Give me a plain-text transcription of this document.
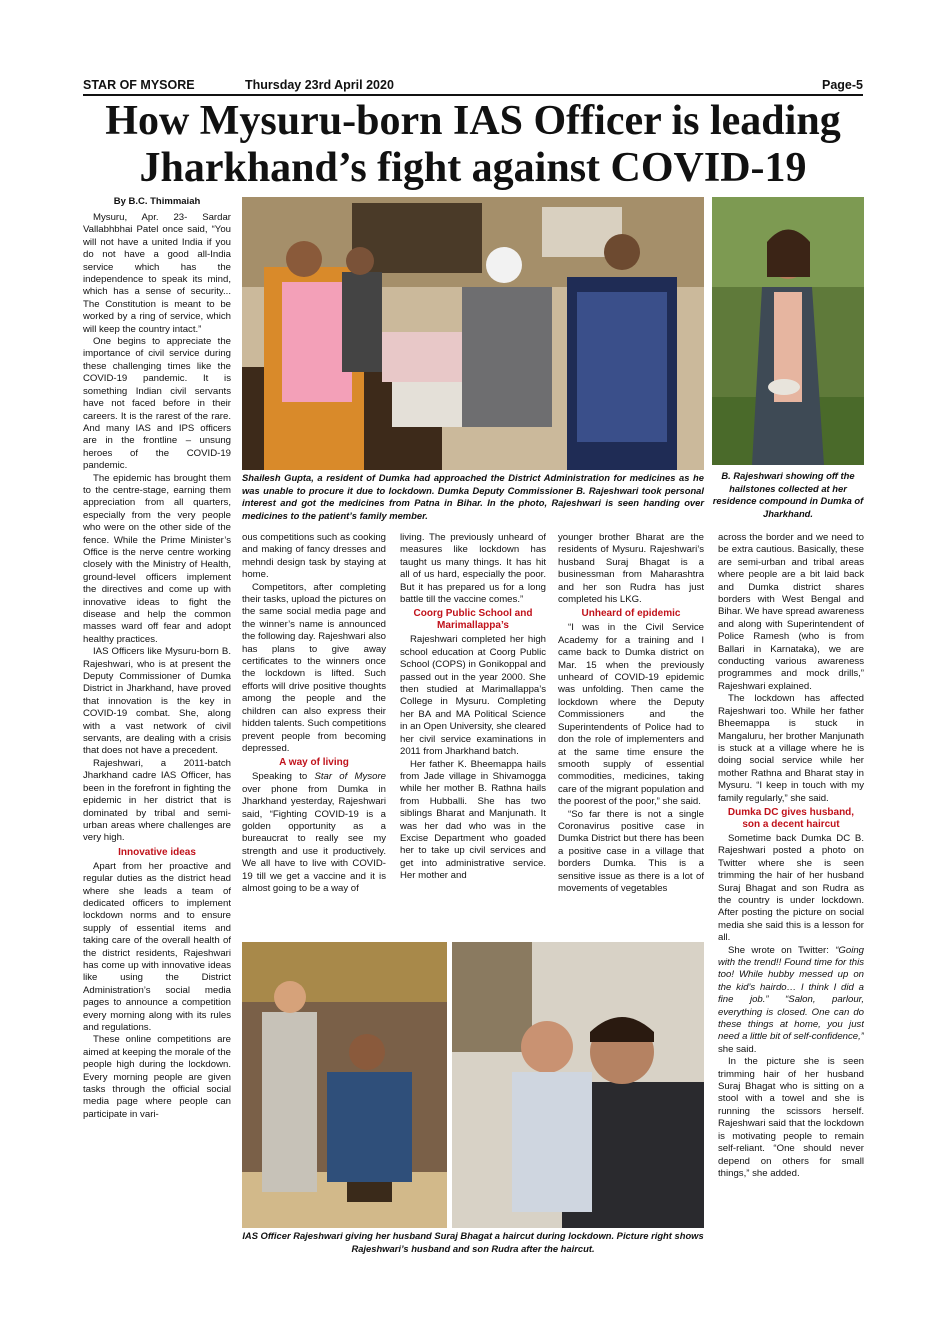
STAR OF MYSORE	Thursday 23rd April 2020	Page-5
How Mysuru-born IAS Officer is leading
Jharkhand’s fight against COVID-19
By B.C. Thimmaiah

Mysuru, Apr. 23- Sardar Vallabhbhai Patel once said, “You will not have a united India if you do not have a good all-India service which has the independence to speak its mind, which has a sense of security... The Constitution is meant to be worked by a ring of service, which will keep the country intact.”

One begins to appreciate the importance of civil service during these challenging times like the COVID-19 pandemic. It is something Indian civil servants have not faced before in their careers. It is the rarest of the rare. And many IAS and IPS officers are in the frontline – unsung heroes of the COVID-19 pandemic.

The epidemic has brought them to the centre-stage, earning them appreciation from all quarters, especially from the very people who were on the other side of the fence. While the Prime Minister’s Office is the nerve centre working closely with the Ministry of Health, ground-level officers implement the directives and come up with innovative ideas to fight the disease and help the common masses ward off fear and adopt healthy practices.

IAS Officers like Mysuru-born B. Rajeshwari, who is at present the Deputy Commissioner of Dumka District in Jharkhand, have proved that innovation is the key in COVID-19 combat. She, along with a vast network of civil servants, are dealing with a crisis that does not have a precedent.

Rajeshwari, a 2011-batch Jharkhand cadre IAS Officer, has been in the forefront in fighting the epidemic in her district that is dominated by tribal and semi-urban areas where challenges are very high.

Innovative ideas

Apart from her proactive and regular duties as the district head where she leads a team of dedicated officers to implement lockdown norms and to ensure supply of essential items and taking care of the overall health of the district residents, Rajeshwari has come up with innovative ideas like using the District Administration’s social media pages to announce a competition every morning along with its rules and regulations.

These online competitions are aimed at keeping the morale of the people high during the lockdown. Every morning people are given tasks through the official social media page where people can participate in vari-

Shailesh Gupta, a resident of Dumka had approached the District Administration for medicines as he was unable to procure it due to lockdown. Dumka Deputy Commissioner B. Rajeshwari took personal interest and got the medicines from Patna in Bihar. In the photo, Rajeshwari is seen handing over medicines to the patient’s family member.
B. Rajeshwari showing off the hailstones collected at her residence compound in Dumka of Jharkhand.

ous competitions such as cooking and making of fancy dresses and mehndi design task by staying at home.

Competitors, after completing their tasks, upload the pictures on the same social media page and the winner’s name is announced the following day. Rajeshwari also has plans to give away certificates to the winners once the lockdown is lifted. Such efforts will drive positive thoughts among the people and the children can also express their hidden talents. Such competitions prevent people from becoming depressed.

A way of living

Speaking to Star of Mysore over phone from Dumka in Jharkhand yesterday, Rajeshwari said, “Fighting COVID-19 is a golden opportunity as a bureaucrat to really see my strength and use it productively. We all have to live with COVID-19 till we get a vaccine and it is almost going to be a way of

living. The previously unheard of measures like lockdown has taught us many things. It has hit all of us hard, especially the poor. But it has prepared us for a long battle till the vaccine comes.”

Coorg Public School and Marimallappa’s

Rajeshwari completed her high school education at Coorg Public School (COPS) in Gonikoppal and passed out in the year 2000. She then studied at Marimallappa’s College in Mysuru. Completing her BA and MA Political Science in an Open University, she cleared her civil service examinations in 2011 from Jharkhand batch.

Her father K. Bheemappa hails from Jade village in Shivamogga while her mother B. Rathna hails from Hubballi. She has two siblings Bharat and Manjunath. It was her dad who was in the Excise Department who goaded her to take up civil services and get into administrative service. Her mother and

younger brother Bharat are the residents of Mysuru. Rajeshwari’s husband Suraj Bhagat is a businessman from Maharashtra and her son Rudra has just completed his LKG.

Unheard of epidemic

“I was in the Civil Service Academy for a training and I came back to Dumka district on Mar. 15 when the previously unheard of COVID-19 epidemic was unfolding. Then came the lockdown where the Deputy Commissioners and the Superintendents of Police had to don the role of implementers and at the same time ensure the smooth supply of essential commodities, medicines, taking care of the migrant population and the poorest of the poor,” she said.

“So far there is not a single Coronavirus positive case in Dumka District but there has been a positive case in a village that borders Dumka. This is a sensitive issue as there is a lot of movements of vegetables

across the border and we need to be extra cautious. Basically, these are semi-urban and tribal areas where people are a bit laid back and Dumka district shares borders with West Bengal and Bihar. We have spread awareness and along with Superintendent of Police Ramesh (who is from Ballari in Karnataka), we are conducting various awareness programmes and mock drills,” Rajeshwari explained.

The lockdown has affected Rajeshwari too. While her father Bheemappa is stuck in Mangaluru, her brother Manjunath is stuck at a village where he is doing social service while her mother Rathna and Bharat stay in Mysuru. “I keep in touch with my family regularly,” she said.

Dumka DC gives husband, son a decent haircut

Sometime back Dumka DC B. Rajeshwari posted a photo on Twitter where she is seen trimming the hair of her husband Suraj Bhagat and son Rudra as the country is under lockdown. After posting the picture on social media she said this is a lesson for all.

She wrote on Twitter: “Going with the trend!! Found time for this too! While hubby messed up on the kid’s hairdo… I think I did a fine job.” “Salon, parlour, everything is closed. One can do these things at home, you just need a little bit of self-confidence,” she said.

In the picture she is seen trimming hair of her husband Suraj Bhagat who is sitting on a stool with a towel and she is running the scissors herself. Rajeshwari said that the lockdown is motivating people to remain self-reliant. “One should never depend on others for small things,” she added.

IAS Officer Rajeshwari giving her husband Suraj Bhagat a haircut during lockdown. Picture right shows Rajeshwari’s husband and son Rudra after the haircut.
